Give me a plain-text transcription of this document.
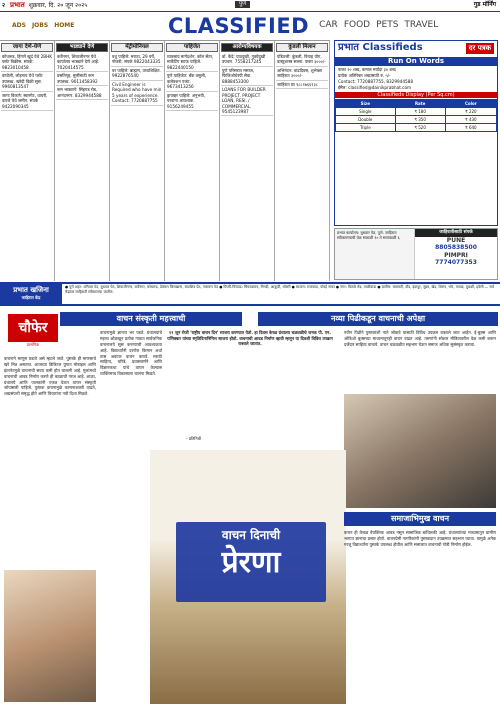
२ प्रभात शुक्रवार, दि. २० जून २०२५	पुणे	गुड मॉर्निंग
ADS JOBS HOME	CLASSIFIED CAR FOOD PETS TRAVEL
जागा देणे-घेणे
कोथरूड, हिंगणे खुर्द येथे 2BHK फ्लॅट विक्रीस. संपर्क: 9823010458
वाघोली, लोहगाव येथे प्लॉट उपलब्ध. खरेदी विक्री सुरू. 9960813547
जागा विकणे: स्वारगेट, धायरी, वारजे येथे जमीन. संपर्क 9422090345
भाड्याने देणे
कर्वेनगर, शिवाजीनगर येथे कार्यालय भाड्याने देणे आहे. 7020414575
वसतिगृह, मुलींसाठी रूम उपलब्ध. 9011458392
रूम भाड्याने: सिंहगड रोड, आनंदनगर. 8329944588
मॅट्रीमोनियल
वधू पाहिजे: मराठा, 29 वर्षे, नोकरी. संपर्क 9822043335
वर पाहिजे: ब्राह्मण, उच्चशिक्षित. 9922876540
Civil Engineer is Required who have min 5 years of experience. Contact: 7720887755
पाहिजेत
व्यवसाय मार्गदर्शन: कॉल सेंटर, मार्केटिंग स्टाफ पाहिजे. 9822440150
पुणे पाहिजेत: बँक वसुली, कलेक्शन एजंट. 9673413256
ड्रायव्हर पाहिजे: अनुभवी, परवाना आवश्यक. 9156249455
आरोग्यविषयक
डॉ. केंद्रे: पाठदुखी, गुडघेदुखी उपचार. 7558217245
पुणे परिसरात मसाज, फिजिओथेरपी सेवा. 8888453300
LOANS FOR BUILDER PROJECT. PROJECT LOAN, RESI. / COMMERCIAL. 9545123987
कुंडली मिलान
पंडितजी: कुंडली, विवाह योग, वास्तुशास्त्र सल्ला. फक्त ३०००/-
अभिनंदन: वाढदिवस, शुभेच्छा जाहिरात ३०००/-
जाहिरात द्या ९८८१७६६१३८
प्रभात Classifieds	दर पत्रक
Run On Words
फक्त २० शब्द, कमाल मर्यादा ३० शब्द
प्रत्येक अतिरिक्त शब्दासाठी रु. ५/-
Contact: 7720887755, 8329944588
ईमेल: classified@dainikprabhat.com
Classifieds Display (Per Sq.cm)
Size	Rate	Color
Single	₹ 180	₹ 220
Double	₹ 350	₹ 430
Triple	₹ 520	₹ 640
प्रभात कार्यालय: बुधवार पेठ, पुणे. जाहिरात स्वीकारण्याची वेळ सकाळी १० ते सायंकाळी ६
जाहिरातीसाठी संपर्क
PUNE
8805838500
PIMPRI
7774077353
प्रभात खजिना
जाहिरात केंद्र
● पुणे शहर: शनिवार पेठ, बुधवार पेठ, शिवाजीनगर, कर्वेनगर, कोथरूड, डेक्कन जिमखाना, सदाशिव पेठ, नारायण पेठ ● पिंपरी-चिंचवड: चिंचवडगाव, निगडी, आकुर्डी, भोसरी ● सातारा: राजवाडा, पोवई नाका ● नगर: चितळे रोड, माळीवाडा ● ग्रामीण: बारामती, दौंड, इंदापूर, जुन्नर, खेड, शिरूर, भोर, मावळ, मुळशी, हवेली — सर्व केंद्रांवर जाहिराती स्वीकारल्या जातील.
चौफेर
प्रासंगिक
वाचन संस्कृती महत्त्वाची	नव्या पिढीकडून वाचनाची अपेक्षा
१९ जून रोजी 'राष्ट्रीय वाचन दिन' साजरा करण्यात येतो. हा दिवस केरळ ग्रंथालय चळवळीचे जनक पी. एन. पणिक्कर यांच्या स्मृतिदिनानिमित्त साजरा होतो. वाचनाची आवड निर्माण व्हावी म्हणून या दिवशी विविध उपक्रम राबवले जातात.
- प्रतिनिधी
वाचनाने माणूस घडतो असे म्हटले जाते. पुस्तके ही माणसाचे खरे मित्र असतात. आजच्या डिजिटल युगात मोबाइल आणि इंटरनेटमुळे वाचनाची सवय कमी होत चालली आहे. मुलांमध्ये वाचनाची आवड निर्माण करणे ही काळाची गरज आहे. शाळा, ग्रंथालये आणि पालकांनी एकत्र येऊन वाचन संस्कृती जोपासली पाहिजे. पुस्तक वाचनामुळे कल्पनाशक्ती वाढते, शब्दसंपत्ती समृद्ध होते आणि विचारांना नवी दिशा मिळते.
वाचनामुळे ज्ञानात भर पडते. ग्रंथालयांचे महत्त्व ओळखून प्रत्येक गावात सार्वजनिक वाचनालये सुरू करण्याची आवश्यकता आहे. विद्यार्थ्यांनी दररोज किमान अर्धा तास अवांतर वाचन करावे. मराठी साहित्य, चरित्रे, प्रवासवर्णने आणि विज्ञानकथा यांचे वाचन केल्यास व्यक्तिमत्त्व विकासाला चालना मिळते.
नवीन पिढीने पुस्तकांशी नाते जोडावे यासाठी विविध उपक्रम राबवले जात आहेत. ई-बुक्स आणि ऑडिओ बुक्सच्या माध्यमातूनही वाचन वाढत आहे. तरुणांनी सोशल मीडियावरील वेळ कमी करून दर्जेदार साहित्य वाचावे. वाचन चळवळीत सहभाग घेऊन समाज अधिक सुसंस्कृत करावा.
वाचन दिनाची
प्रेरणा
समाजाभिमुख वाचन
वाचन ही केवळ वैयक्तिक आवड नसून सामाजिक बांधिलकी आहे. ग्रंथालयांच्या माध्यमातून ग्रामीण भागात ज्ञानाचा प्रसार होतो. वाचनप्रेमी नागरिकांनी पुस्तकदान उपक्रमात सहभाग घ्यावा. यामुळे अनेक गरजू विद्यार्थ्यांना पुस्तके उपलब्ध होतील आणि समाजात वाचनाची गोडी निर्माण होईल.
